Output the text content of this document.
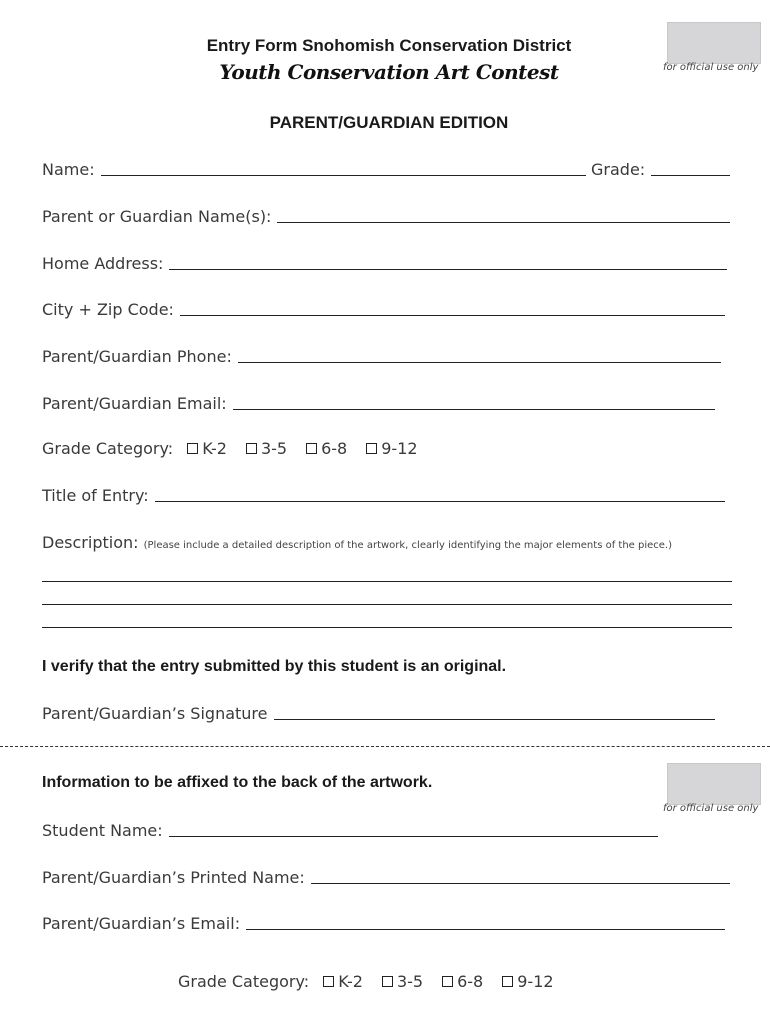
Entry Form Snohomish Conservation District
Youth Conservation Art Contest
PARENT/GUARDIAN EDITION
for official use only
Name:	Grade:
Parent or Guardian Name(s):
Home Address:
City + Zip Code:
Parent/Guardian Phone:
Parent/Guardian Email:
Grade Category: K-2 3-5 6-8 9-12
Title of Entry:
Description: (Please include a detailed description of the artwork, clearly identifying the major elements of the piece.)
I verify that the entry submitted by this student is an original.
Parent/Guardian’s Signature
Information to be affixed to the back of the artwork.
for official use only
Student Name:
Parent/Guardian’s Printed Name:
Parent/Guardian’s Email:
Grade Category: K-2 3-5 6-8 9-12
